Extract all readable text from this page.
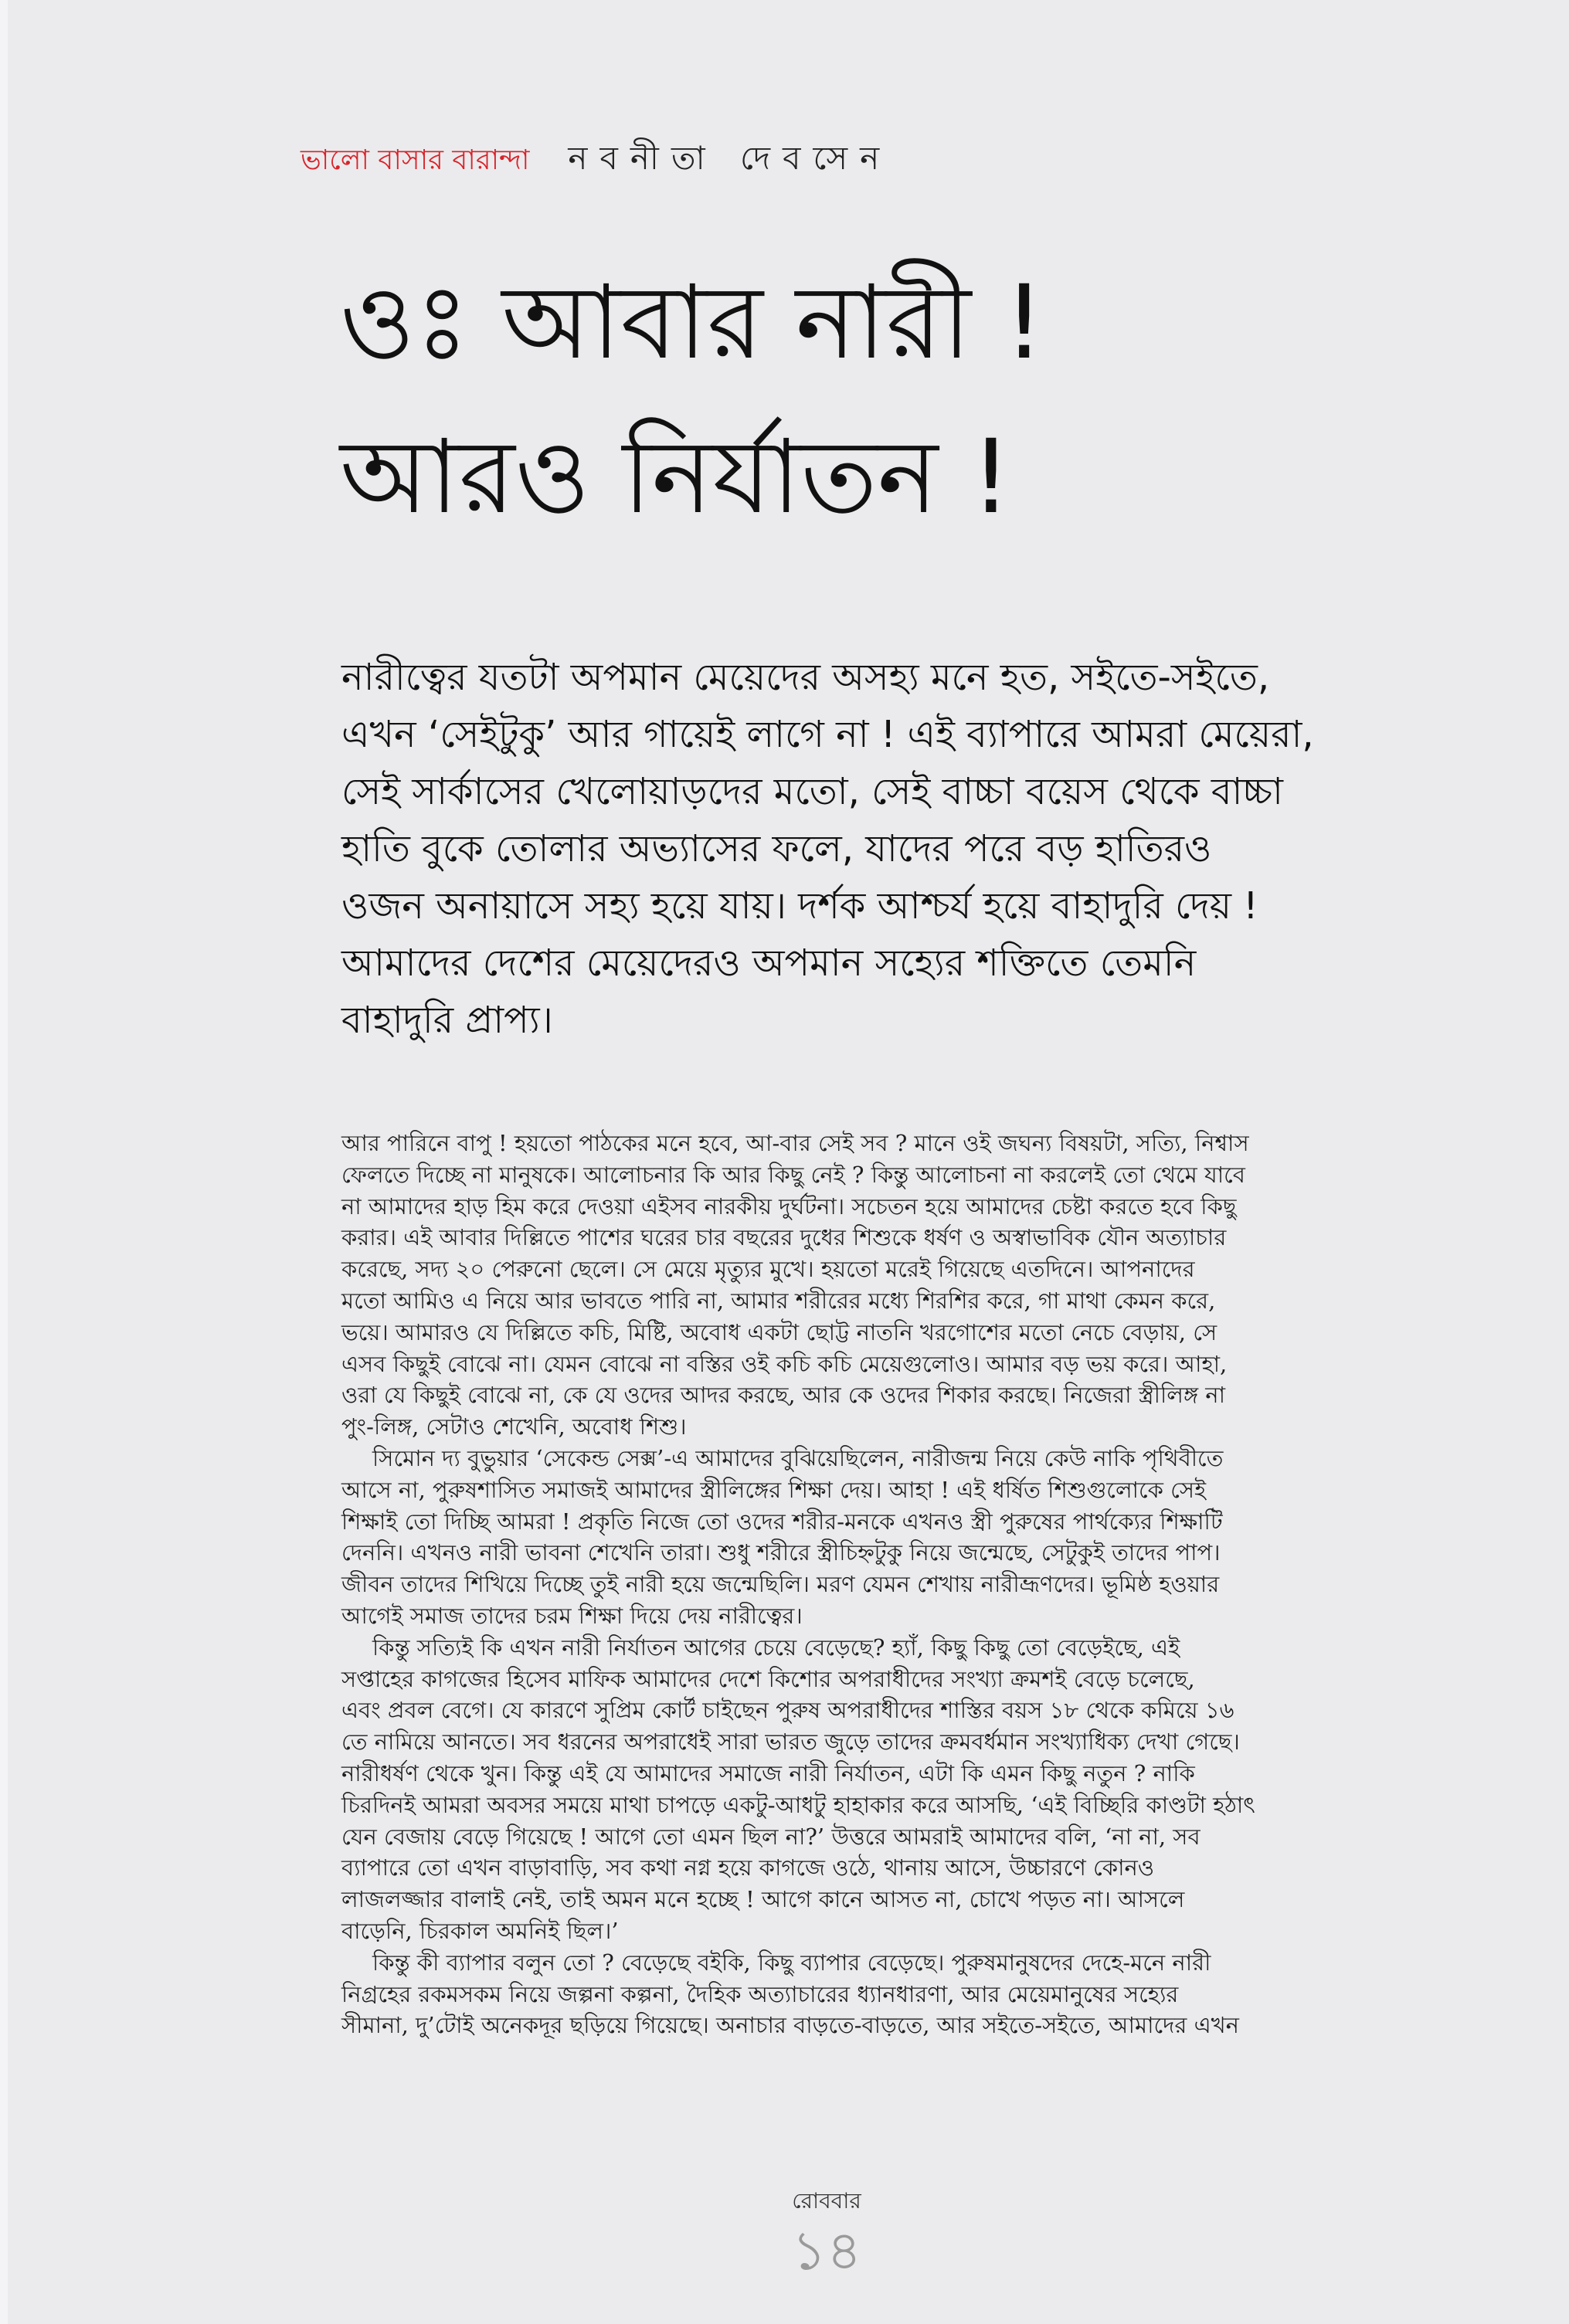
ভালো বাসার বারান্দা নবনীতা দেবসেন
ওঃ আবার নারী !
আরও নির্যাতন !
নারীত্বের যতটা অপমান মেয়েদের অসহ্য মনে হত, সইতে-সইতে,
এখন ‘সেইটুকু’ আর গায়েই লাগে না ! এই ব্যাপারে আমরা মেয়েরা,
সেই সার্কাসের খেলোয়াড়দের মতো, সেই বাচ্চা বয়েস থেকে বাচ্চা
হাতি বুকে তোলার অভ্যাসের ফলে, যাদের পরে বড় হাতিরও
ওজন অনায়াসে সহ্য হয়ে যায়। দর্শক আশ্চর্য হয়ে বাহাদুরি দেয় !
আমাদের দেশের মেয়েদেরও অপমান সহ্যের শক্তিতে তেমনি
বাহাদুরি প্রাপ্য।
আর পারিনে বাপু ! হয়তো পাঠকের মনে হবে, আ-বার সেই সব ? মানে ওই জঘন্য বিষয়টা, সত্যি, নিশ্বাস
ফেলতে দিচ্ছে না মানুষকে। আলোচনার কি আর কিছু নেই ? কিন্তু আলোচনা না করলেই তো থেমে যাবে
না আমাদের হাড় হিম করে দেওয়া এইসব নারকীয় দুর্ঘটনা। সচেতন হয়ে আমাদের চেষ্টা করতে হবে কিছু
করার। এই আবার দিল্লিতে পাশের ঘরের চার বছরের দুধের শিশুকে ধর্ষণ ও অস্বাভাবিক যৌন অত্যাচার
করেছে, সদ্য ২০ পেরুনো ছেলে। সে মেয়ে মৃত্যুর মুখে। হয়তো মরেই গিয়েছে এতদিনে। আপনাদের
মতো আমিও এ নিয়ে আর ভাবতে পারি না, আমার শরীরের মধ্যে শিরশির করে, গা মাথা কেমন করে,
ভয়ে। আমারও যে দিল্লিতে কচি, মিষ্টি, অবোধ একটা ছোট্ট নাতনি খরগোশের মতো নেচে বেড়ায়, সে
এসব কিছুই বোঝে না। যেমন বোঝে না বস্তির ওই কচি কচি মেয়েগুলোও। আমার বড় ভয় করে। আহা,
ওরা যে কিছুই বোঝে না, কে যে ওদের আদর করছে, আর কে ওদের শিকার করছে। নিজেরা স্ত্রীলিঙ্গ না
পুং-লিঙ্গ, সেটাও শেখেনি, অবোধ শিশু।
সিমোন দ্য বুভুয়ার ‘সেকেন্ড সেক্স’-এ আমাদের বুঝিয়েছিলেন, নারীজন্ম নিয়ে কেউ নাকি পৃথিবীতে
আসে না, পুরুষশাসিত সমাজই আমাদের স্ত্রীলিঙ্গের শিক্ষা দেয়। আহা ! এই ধর্ষিত শিশুগুলোকে সেই
শিক্ষাই তো দিচ্ছি আমরা ! প্রকৃতি নিজে তো ওদের শরীর-মনকে এখনও স্ত্রী পুরুষের পার্থক্যের শিক্ষাটি
দেননি। এখনও নারী ভাবনা শেখেনি তারা। শুধু শরীরে স্ত্রীচিহ্নটুকু নিয়ে জন্মেছে, সেটুকুই তাদের পাপ।
জীবন তাদের শিখিয়ে দিচ্ছে তুই নারী হয়ে জন্মেছিলি। মরণ যেমন শেখায় নারীভ্রূণদের। ভূমিষ্ঠ হওয়ার
আগেই সমাজ তাদের চরম শিক্ষা দিয়ে দেয় নারীত্বের।
কিন্তু সত্যিই কি এখন নারী নির্যাতন আগের চেয়ে বেড়েছে? হ্যাঁ, কিছু কিছু তো বেড়েইছে, এই
সপ্তাহের কাগজের হিসেব মাফিক আমাদের দেশে কিশোর অপরাধীদের সংখ্যা ক্রমশই বেড়ে চলেছে,
এবং প্রবল বেগে। যে কারণে সুপ্রিম কোর্ট চাইছেন পুরুষ অপরাধীদের শাস্তির বয়স ১৮ থেকে কমিয়ে ১৬
তে নামিয়ে আনতে। সব ধরনের অপরাধেই সারা ভারত জুড়ে তাদের ক্রমবর্ধমান সংখ্যাধিক্য দেখা গেছে।
নারীধর্ষণ থেকে খুন। কিন্তু এই যে আমাদের সমাজে নারী নির্যাতন, এটা কি এমন কিছু নতুন ? নাকি
চিরদিনই আমরা অবসর সময়ে মাথা চাপড়ে একটু-আধটু হাহাকার করে আসছি, ‘এই বিচ্ছিরি কাণ্ডটা হঠাৎ
যেন বেজায় বেড়ে গিয়েছে ! আগে তো এমন ছিল না?’ উত্তরে আমরাই আমাদের বলি, ‘না না, সব
ব্যাপারে তো এখন বাড়াবাড়ি, সব কথা নগ্ন হয়ে কাগজে ওঠে, থানায় আসে, উচ্চারণে কোনও
লাজলজ্জার বালাই নেই, তাই অমন মনে হচ্ছে ! আগে কানে আসত না, চোখে পড়ত না। আসলে
বাড়েনি, চিরকাল অমনিই ছিল।’
কিন্তু কী ব্যাপার বলুন তো ? বেড়েছে বইকি, কিছু ব্যাপার বেড়েছে। পুরুষমানুষদের দেহে-মনে নারী
নিগ্রহের রকমসকম নিয়ে জল্পনা কল্পনা, দৈহিক অত্যাচারের ধ্যানধারণা, আর মেয়েমানুষের সহ্যের
সীমানা, দু’টোই অনেকদূর ছড়িয়ে গিয়েছে। অনাচার বাড়তে-বাড়তে, আর সইতে-সইতে, আমাদের এখন
রোববার
১৪
